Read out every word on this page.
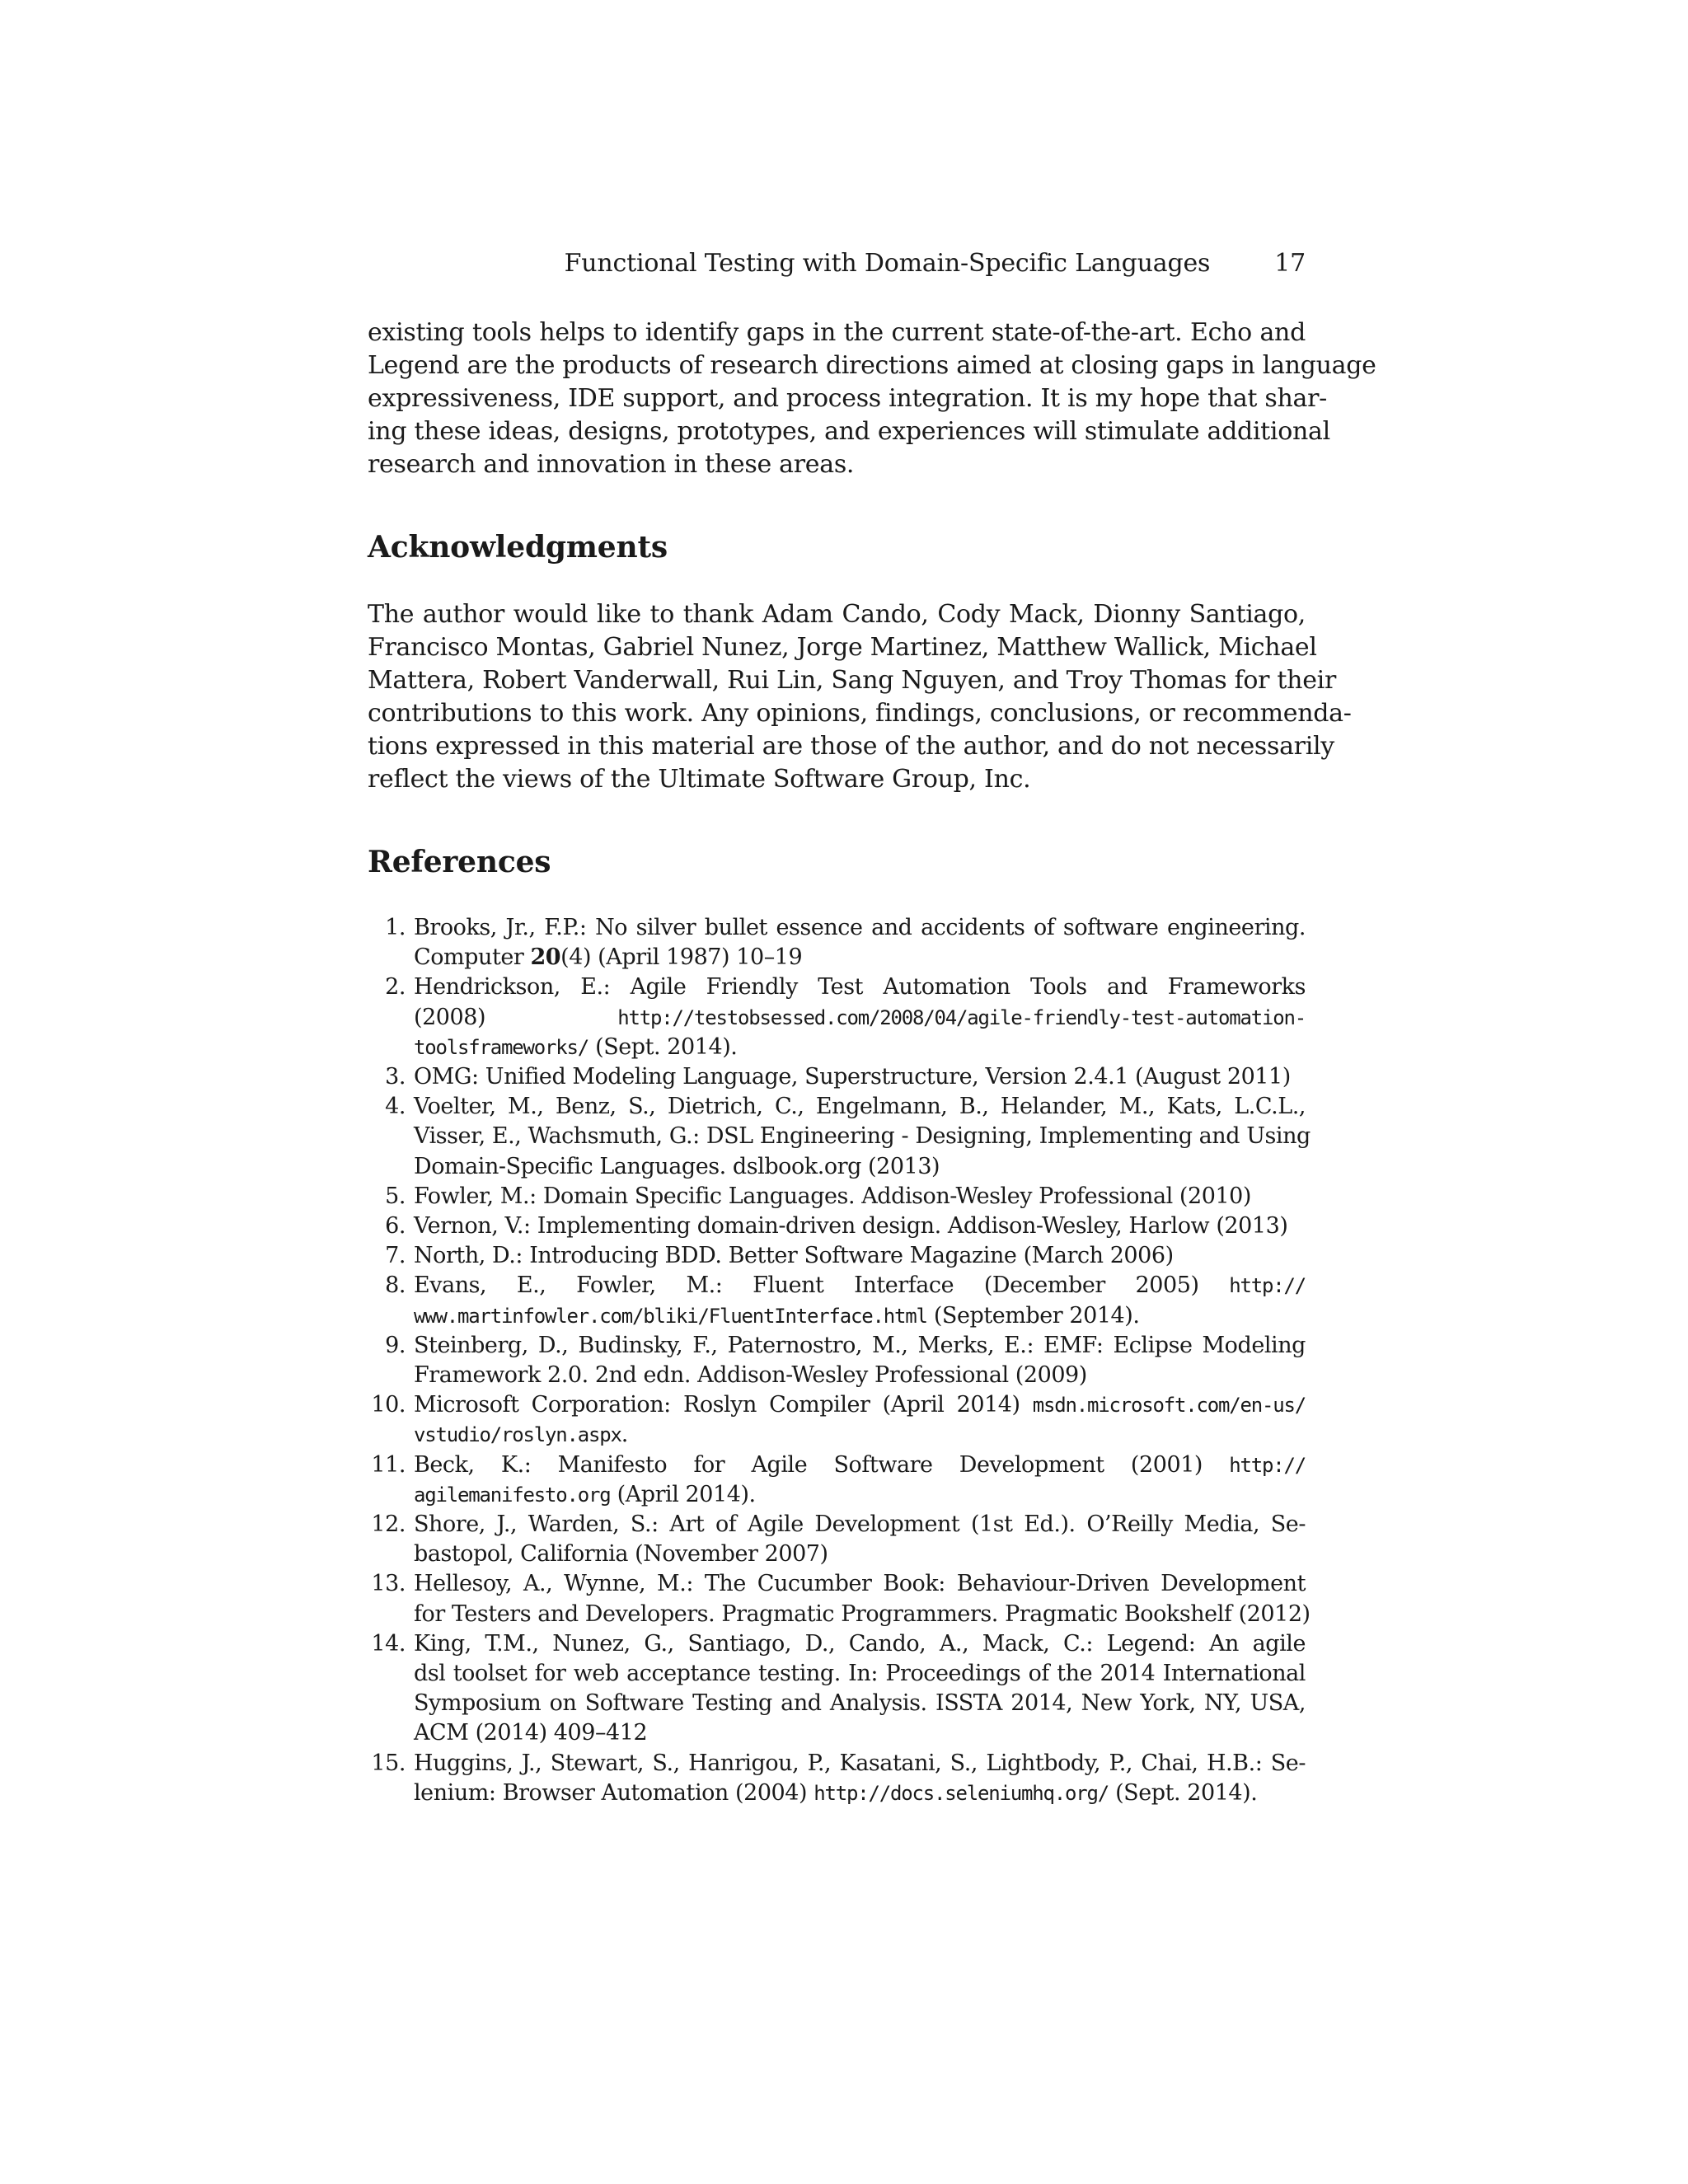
Functional Testing with Domain-Specific Languages	17
existing tools helps to identify gaps in the current state-of-the-art. Echo and
Legend are the products of research directions aimed at closing gaps in language
expressiveness, IDE support, and process integration. It is my hope that shar-
ing these ideas, designs, prototypes, and experiences will stimulate additional
research and innovation in these areas.
Acknowledgments
The author would like to thank Adam Cando, Cody Mack, Dionny Santiago,
Francisco Montas, Gabriel Nunez, Jorge Martinez, Matthew Wallick, Michael
Mattera, Robert Vanderwall, Rui Lin, Sang Nguyen, and Troy Thomas for their
contributions to this work. Any opinions, findings, conclusions, or recommenda-
tions expressed in this material are those of the author, and do not necessarily
reflect the views of the Ultimate Software Group, Inc.
References
1. Brooks, Jr., F.P.: No silver bullet essence and accidents of software engineering.
Computer 20(4) (April 1987) 10–19
2. Hendrickson, E.: Agile Friendly Test Automation Tools and Frameworks
(2008) http://testobsessed.com/2008/04/agile-friendly-test-automation-
toolsframeworks/ (Sept. 2014).
3. OMG: Unified Modeling Language, Superstructure, Version 2.4.1 (August 2011)
4. Voelter, M., Benz, S., Dietrich, C., Engelmann, B., Helander, M., Kats, L.C.L.,
Visser, E., Wachsmuth, G.: DSL Engineering - Designing, Implementing and Using
Domain-Specific Languages. dslbook.org (2013)
5. Fowler, M.: Domain Specific Languages. Addison-Wesley Professional (2010)
6. Vernon, V.: Implementing domain-driven design. Addison-Wesley, Harlow (2013)
7. North, D.: Introducing BDD. Better Software Magazine (March 2006)
8. Evans, E., Fowler, M.: Fluent Interface (December 2005) http://
www.martinfowler.com/bliki/FluentInterface.html (September 2014).
9. Steinberg, D., Budinsky, F., Paternostro, M., Merks, E.: EMF: Eclipse Modeling
Framework 2.0. 2nd edn. Addison-Wesley Professional (2009)
10. Microsoft Corporation: Roslyn Compiler (April 2014) msdn.microsoft.com/en-us/
vstudio/roslyn.aspx.
11. Beck, K.: Manifesto for Agile Software Development (2001) http://
agilemanifesto.org (April 2014).
12. Shore, J., Warden, S.: Art of Agile Development (1st Ed.). O’Reilly Media, Se-
bastopol, California (November 2007)
13. Hellesoy, A., Wynne, M.: The Cucumber Book: Behaviour-Driven Development
for Testers and Developers. Pragmatic Programmers. Pragmatic Bookshelf (2012)
14. King, T.M., Nunez, G., Santiago, D., Cando, A., Mack, C.: Legend: An agile
dsl toolset for web acceptance testing. In: Proceedings of the 2014 International
Symposium on Software Testing and Analysis. ISSTA 2014, New York, NY, USA,
ACM (2014) 409–412
15. Huggins, J., Stewart, S., Hanrigou, P., Kasatani, S., Lightbody, P., Chai, H.B.: Se-
lenium: Browser Automation (2004) http://docs.seleniumhq.org/ (Sept. 2014).
